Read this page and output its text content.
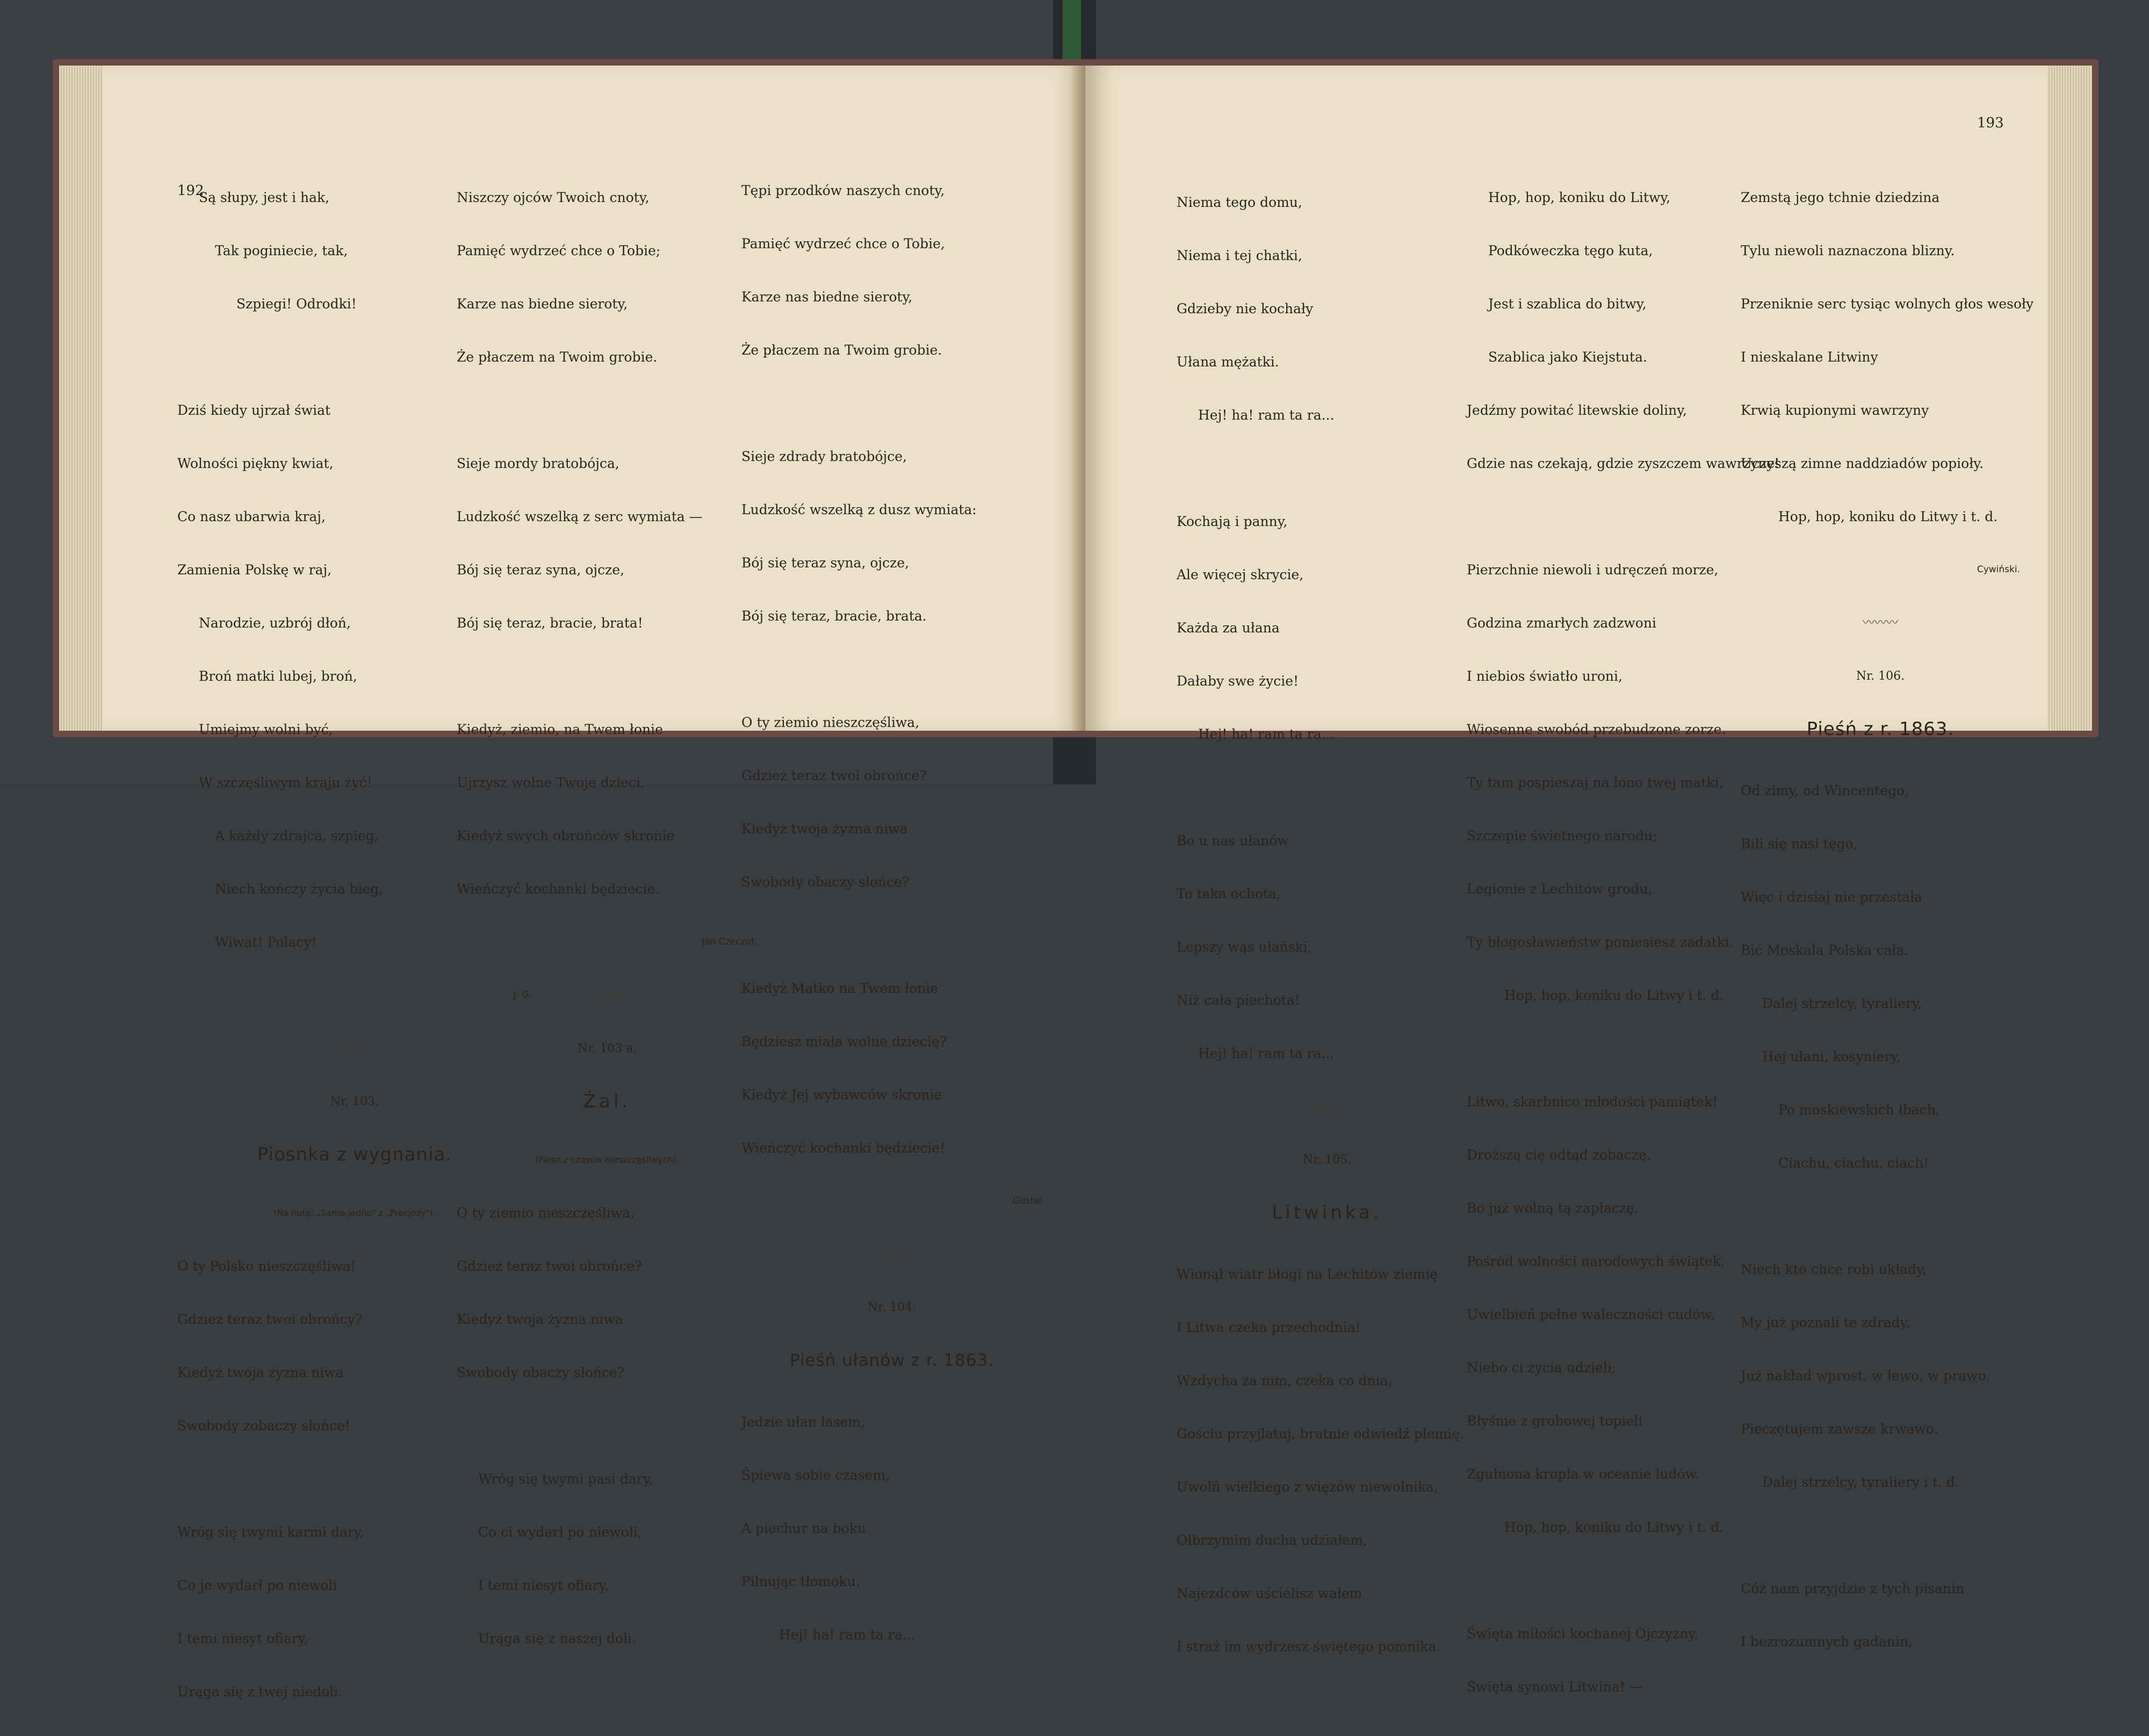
192

Są słupy, jest i hak,

Tak poginiecie, tak,

Szpiegi! Odrodki!

Dziś kiedy ujrzał świat

Wolności piękny kwiat,

Co nasz ubarwia kraj,

Zamienia Polskę w raj,

Narodzie, uzbrój dłoń,

Broń matki lubej, broń,

Umiejmy wolni być,

W szczęśliwym kraju żyć!

A każdy zdrajca, szpieg,

Niech kończy życia bieg,

Wiwat! Polacy!

J. G.

〰〰〰

Nr. 103.

Piosnka z wygnania.

(Na nutę: „Sama jedno" z „Precjozy").

O ty Polsko nieszczęśliwa!

Gdzież teraz twoi obrońcy?

Kiedyż twoja żyzna niwa

Swobody zobaczy słońce!

Wróg się twymi karmi dary,

Co je wydarł po niewoli

I temi niesyt ofiary,

Urąga się z twej niedoli.

Niszczy ojców Twoich cnoty,

Pamięć wydrzeć chce o Tobie;

Karze nas biedne sieroty,

Że płaczem na Twoim grobie.

Sieje mordy bratobójca,

Ludzkość wszelką z serc wymiata —

Bój się teraz syna, ojcze,

Bój się teraz, bracie, brata!

Kiedyż, ziemio, na Twem łonie

Ujrzysz wolne Twoje dzieci.

Kiedyż swych obrońców skronie

Wieńczyć kochanki będziecie.

Jan Czeczot.

〰〰〰

Nr. 103 a.

Żal.

(Pieśń z czasów nieszczęśliwych).

O ty ziemio nieszczęśliwa,

Gdzież teraz twoi obrońce?

Kiedyż twoja żyzna niwa

Swobody obaczy słońce?

Wróg się twymi pasi dary,

Co ci wydarł po niewoli,

I temi niesyt ofiary,

Urąga się z naszej doli.

Tępi przodków naszych cnoty,

Pamięć wydrzeć chce o Tobie,

Karze nas biedne sieroty,

Że płaczem na Twoim grobie.

Sieje zdrady bratobójce,

Ludzkość wszelką z dusz wymiata:

Bój się teraz syna, ojcze,

Bój się teraz, bracie, brata.

O ty ziemio nieszczęśliwa,

Gdzież teraz twoi obrońce?

Kiedyż twoja żyzna niwa

Swobody obaczy słońce?

Kiedyż Matko na Twem łonie

Będziesz miała wolne dziecię?

Kiedyż Jej wybawców skronie

Wieńczyć kochanki będziecie!

Guslar

〰〰〰

Nr. 104.

Pieśń ułanów z r. 1863.

Jedzie ułan lasem,

Śpiewa sobie czasem,

A piechur na boku

Pilnując tłomoku.

Hej! ha! ram ta ra...

193

Niema tego domu,

Niema i tej chatki,

Gdzieby nie kochały

Ułana mężatki.

Hej! ha! ram ta ra...

Kochają i panny,

Ale więcej skrycie,

Każda za ułana

Dałaby swe życie!

Hej! ha! ram ta ra...

Bo u nas ułanów

To taka ochota,

Lepszy wąs ułański,

Niż cała piechota!

Hej! ha! ram ta ra...

〰〰〰

Nr. 105.

Litwinka.

Wionął wiatr błogi na Lechitów ziemię

I Litwa czeka przechodnia!

Wzdycha za nim, czeka co dnia,

Gościu przyjlatuj, bratnie odwiedź plemię.

Uwolń wielkiego z więzów niewolnika,

Olbrzymim ducha udziałem,

Najezdców uściélisz wałem

I straż im wydrzesz świętego pomnika.

Hop, hop, koniku do Litwy,

Podkóweczka tęgo kuta,

Jest i szablica do bitwy,

Szablica jako Kiejstuta.

Jedźmy powitać litewskie doliny,

Gdzie nas czekają, gdzie zyszczem wawrzyny!

Pierzchnie niewoli i udręczeń morze,

Godzina zmarłych zadzwoni

I niebios światło uroni,

Wiosenne swobód przebudzone zorze.

Ty tam pospieszaj na łono twej matki,

Szczepie świetnego narodu;

Legionie z Lechitów grodu,

Ty błogosławieństw poniesiesz zadatki.

Hop, hop, koniku do Litwy i t. d.

Litwo, skarbnico młodości pamiątek!

Droższą cię odtąd zobaczę,

Bo już wolną tą zapłaczę,

Pośród wolności narodowych świątek.

Uwielbień pełne waleczności cudów,

Niebo ci życia udzieli;

Błyśnie z grobowej topieli

Zgubiona kropla w oceanie ludów.

Hop, hop, koniku do Litwy i t. d.

Święta miłości kochanej Ojczyzny,

Święta synowi Litwina! —

Zemstą jego tchnie dziedzina

Tylu niewoli naznaczona blizny.

Przeniknie serc tysiąc wolnych głos wesoły

I nieskalane Litwiny

Krwią kupionymi wawrzyny

Uczeszą zimne naddziadów popioły.

Hop, hop, koniku do Litwy i t. d.

Cywiński.

〰〰〰

Nr. 106.

Pieśń z r. 1863.

Od zimy, od Wincentego,

Bili się nasi tęgo,

Więc i dzisiaj nie przestała

Bić Moskala Polska cała.

Dalej strzelcy, tyraliery,

Hej ułani, kosyniery,

Po moskiewskich łbach,

Ciachu, ciachu, ciach!

Niech kto chce robi układy,

My już poznali te zdrady,

Już nakład wprost, w lewo, w prawo,

Pieczętujem zawsze krwawo.

Dalej strzelcy, tyraliery i t. d.

Cóż nam przyjdzie z tych pisanin

I bezrozumnych gadanin,
